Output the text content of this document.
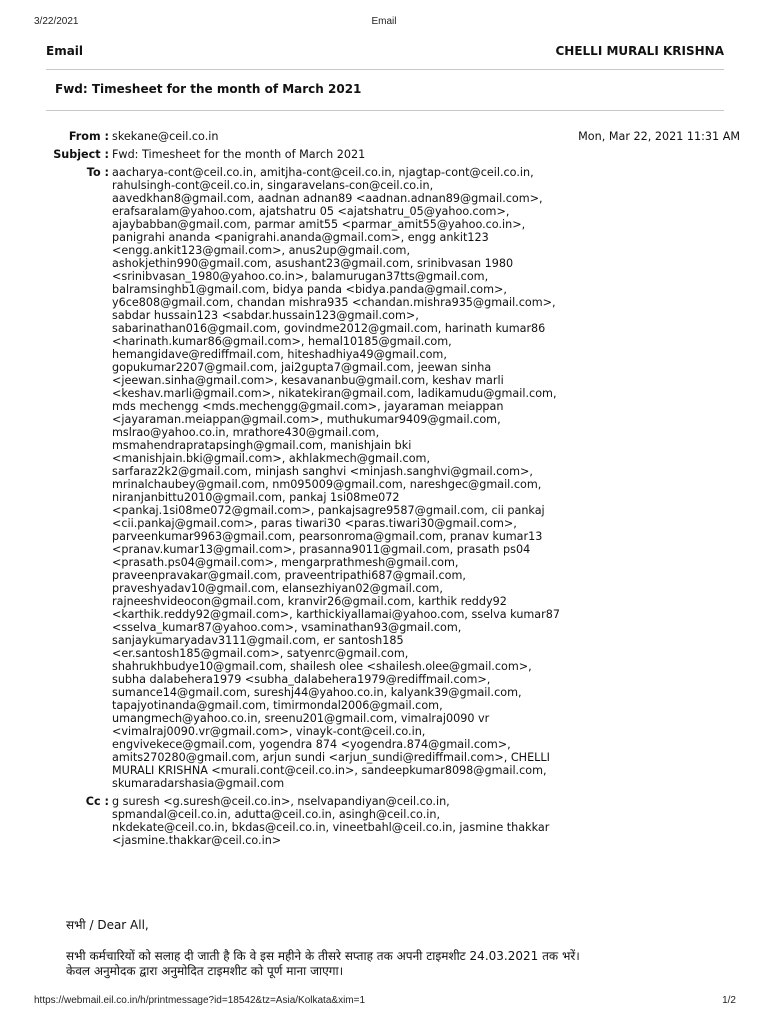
3/22/2021	Email
Email	CHELLI MURALI KRISHNA
Fwd: Timesheet for the month of March 2021
From : skekane@ceil.co.in	Mon, Mar 22, 2021 11:31 AM
Subject : Fwd: Timesheet for the month of March 2021
To : aacharya-cont@ceil.co.in, amitjha-cont@ceil.co.in, njagtap-cont@ceil.co.in,
rahulsingh-cont@ceil.co.in, singaravelans-con@ceil.co.in,
aavedkhan8@gmail.com, aadnan adnan89 <aadnan.adnan89@gmail.com>,
erafsaralam@yahoo.com, ajatshatru 05 <ajatshatru_05@yahoo.com>,
ajaybabban@gmail.com, parmar amit55 <parmar_amit55@yahoo.co.in>,
panigrahi ananda <panigrahi.ananda@gmail.com>, engg ankit123
<engg.ankit123@gmail.com>, anus2up@gmail.com,
ashokjethin990@gmail.com, asushant23@gmail.com, srinibvasan 1980
<srinibvasan_1980@yahoo.co.in>, balamurugan37tts@gmail.com,
balramsinghb1@gmail.com, bidya panda <bidya.panda@gmail.com>,
y6ce808@gmail.com, chandan mishra935 <chandan.mishra935@gmail.com>,
sabdar hussain123 <sabdar.hussain123@gmail.com>,
sabarinathan016@gmail.com, govindme2012@gmail.com, harinath kumar86
<harinath.kumar86@gmail.com>, hemal10185@gmail.com,
hemangidave@rediffmail.com, hiteshadhiya49@gmail.com,
gopukumar2207@gmail.com, jai2gupta7@gmail.com, jeewan sinha
<jeewan.sinha@gmail.com>, kesavananbu@gmail.com, keshav marli
<keshav.marli@gmail.com>, nikatekiran@gmail.com, ladikamudu@gmail.com,
mds mechengg <mds.mechengg@gmail.com>, jayaraman meiappan
<jayaraman.meiappan@gmail.com>, muthukumar9409@gmail.com,
mslrao@yahoo.co.in, mrathore430@gmail.com,
msmahendrapratapsingh@gmail.com, manishjain bki
<manishjain.bki@gmail.com>, akhlakmech@gmail.com,
sarfaraz2k2@gmail.com, minjash sanghvi <minjash.sanghvi@gmail.com>,
mrinalchaubey@gmail.com, nm095009@gmail.com, nareshgec@gmail.com,
niranjanbittu2010@gmail.com, pankaj 1si08me072
<pankaj.1si08me072@gmail.com>, pankajsagre9587@gmail.com, cii pankaj
<cii.pankaj@gmail.com>, paras tiwari30 <paras.tiwari30@gmail.com>,
parveenkumar9963@gmail.com, pearsonroma@gmail.com, pranav kumar13
<pranav.kumar13@gmail.com>, prasanna9011@gmail.com, prasath ps04
<prasath.ps04@gmail.com>, mengarprathmesh@gmail.com,
praveenpravakar@gmail.com, praveentripathi687@gmail.com,
praveshyadav10@gmail.com, elansezhiyan02@gmail.com,
rajneeshvideocon@gmail.com, kranvir26@gmail.com, karthik reddy92
<karthik.reddy92@gmail.com>, karthickiyallamai@yahoo.com, sselva kumar87
<sselva_kumar87@yahoo.com>, vsaminathan93@gmail.com,
sanjaykumaryadav3111@gmail.com, er santosh185
<er.santosh185@gmail.com>, satyenrc@gmail.com,
shahrukhbudye10@gmail.com, shailesh olee <shailesh.olee@gmail.com>,
subha dalabehera1979 <subha_dalabehera1979@rediffmail.com>,
sumance14@gmail.com, sureshj44@yahoo.co.in, kalyank39@gmail.com,
tapajyotinanda@gmail.com, timirmondal2006@gmail.com,
umangmech@yahoo.co.in, sreenu201@gmail.com, vimalraj0090 vr
<vimalraj0090.vr@gmail.com>, vinayk-cont@ceil.co.in,
engvivekece@gmail.com, yogendra 874 <yogendra.874@gmail.com>,
amits270280@gmail.com, arjun sundi <arjun_sundi@rediffmail.com>, CHELLI
MURALI KRISHNA <murali.cont@ceil.co.in>, sandeepkumar8098@gmail.com,
skumaradarshasia@gmail.com
Cc : g suresh <g.suresh@ceil.co.in>, nselvapandiyan@ceil.co.in,
spmandal@ceil.co.in, adutta@ceil.co.in, asingh@ceil.co.in,
nkdekate@ceil.co.in, bkdas@ceil.co.in, vineetbahl@ceil.co.in, jasmine thakkar
<jasmine.thakkar@ceil.co.in>
सभी / Dear All,
सभी कर्मचारियों को सलाह दी जाती है कि वे इस महीने के तीसरे सप्ताह तक अपनी टाइमशीट 24.03.2021 तक भरें।
केवल अनुमोदक द्वारा अनुमोदित टाइमशीट को पूर्ण माना जाएगा।
https://webmail.eil.co.in/h/printmessage?id=18542&tz=Asia/Kolkata&xim=1	1/2
